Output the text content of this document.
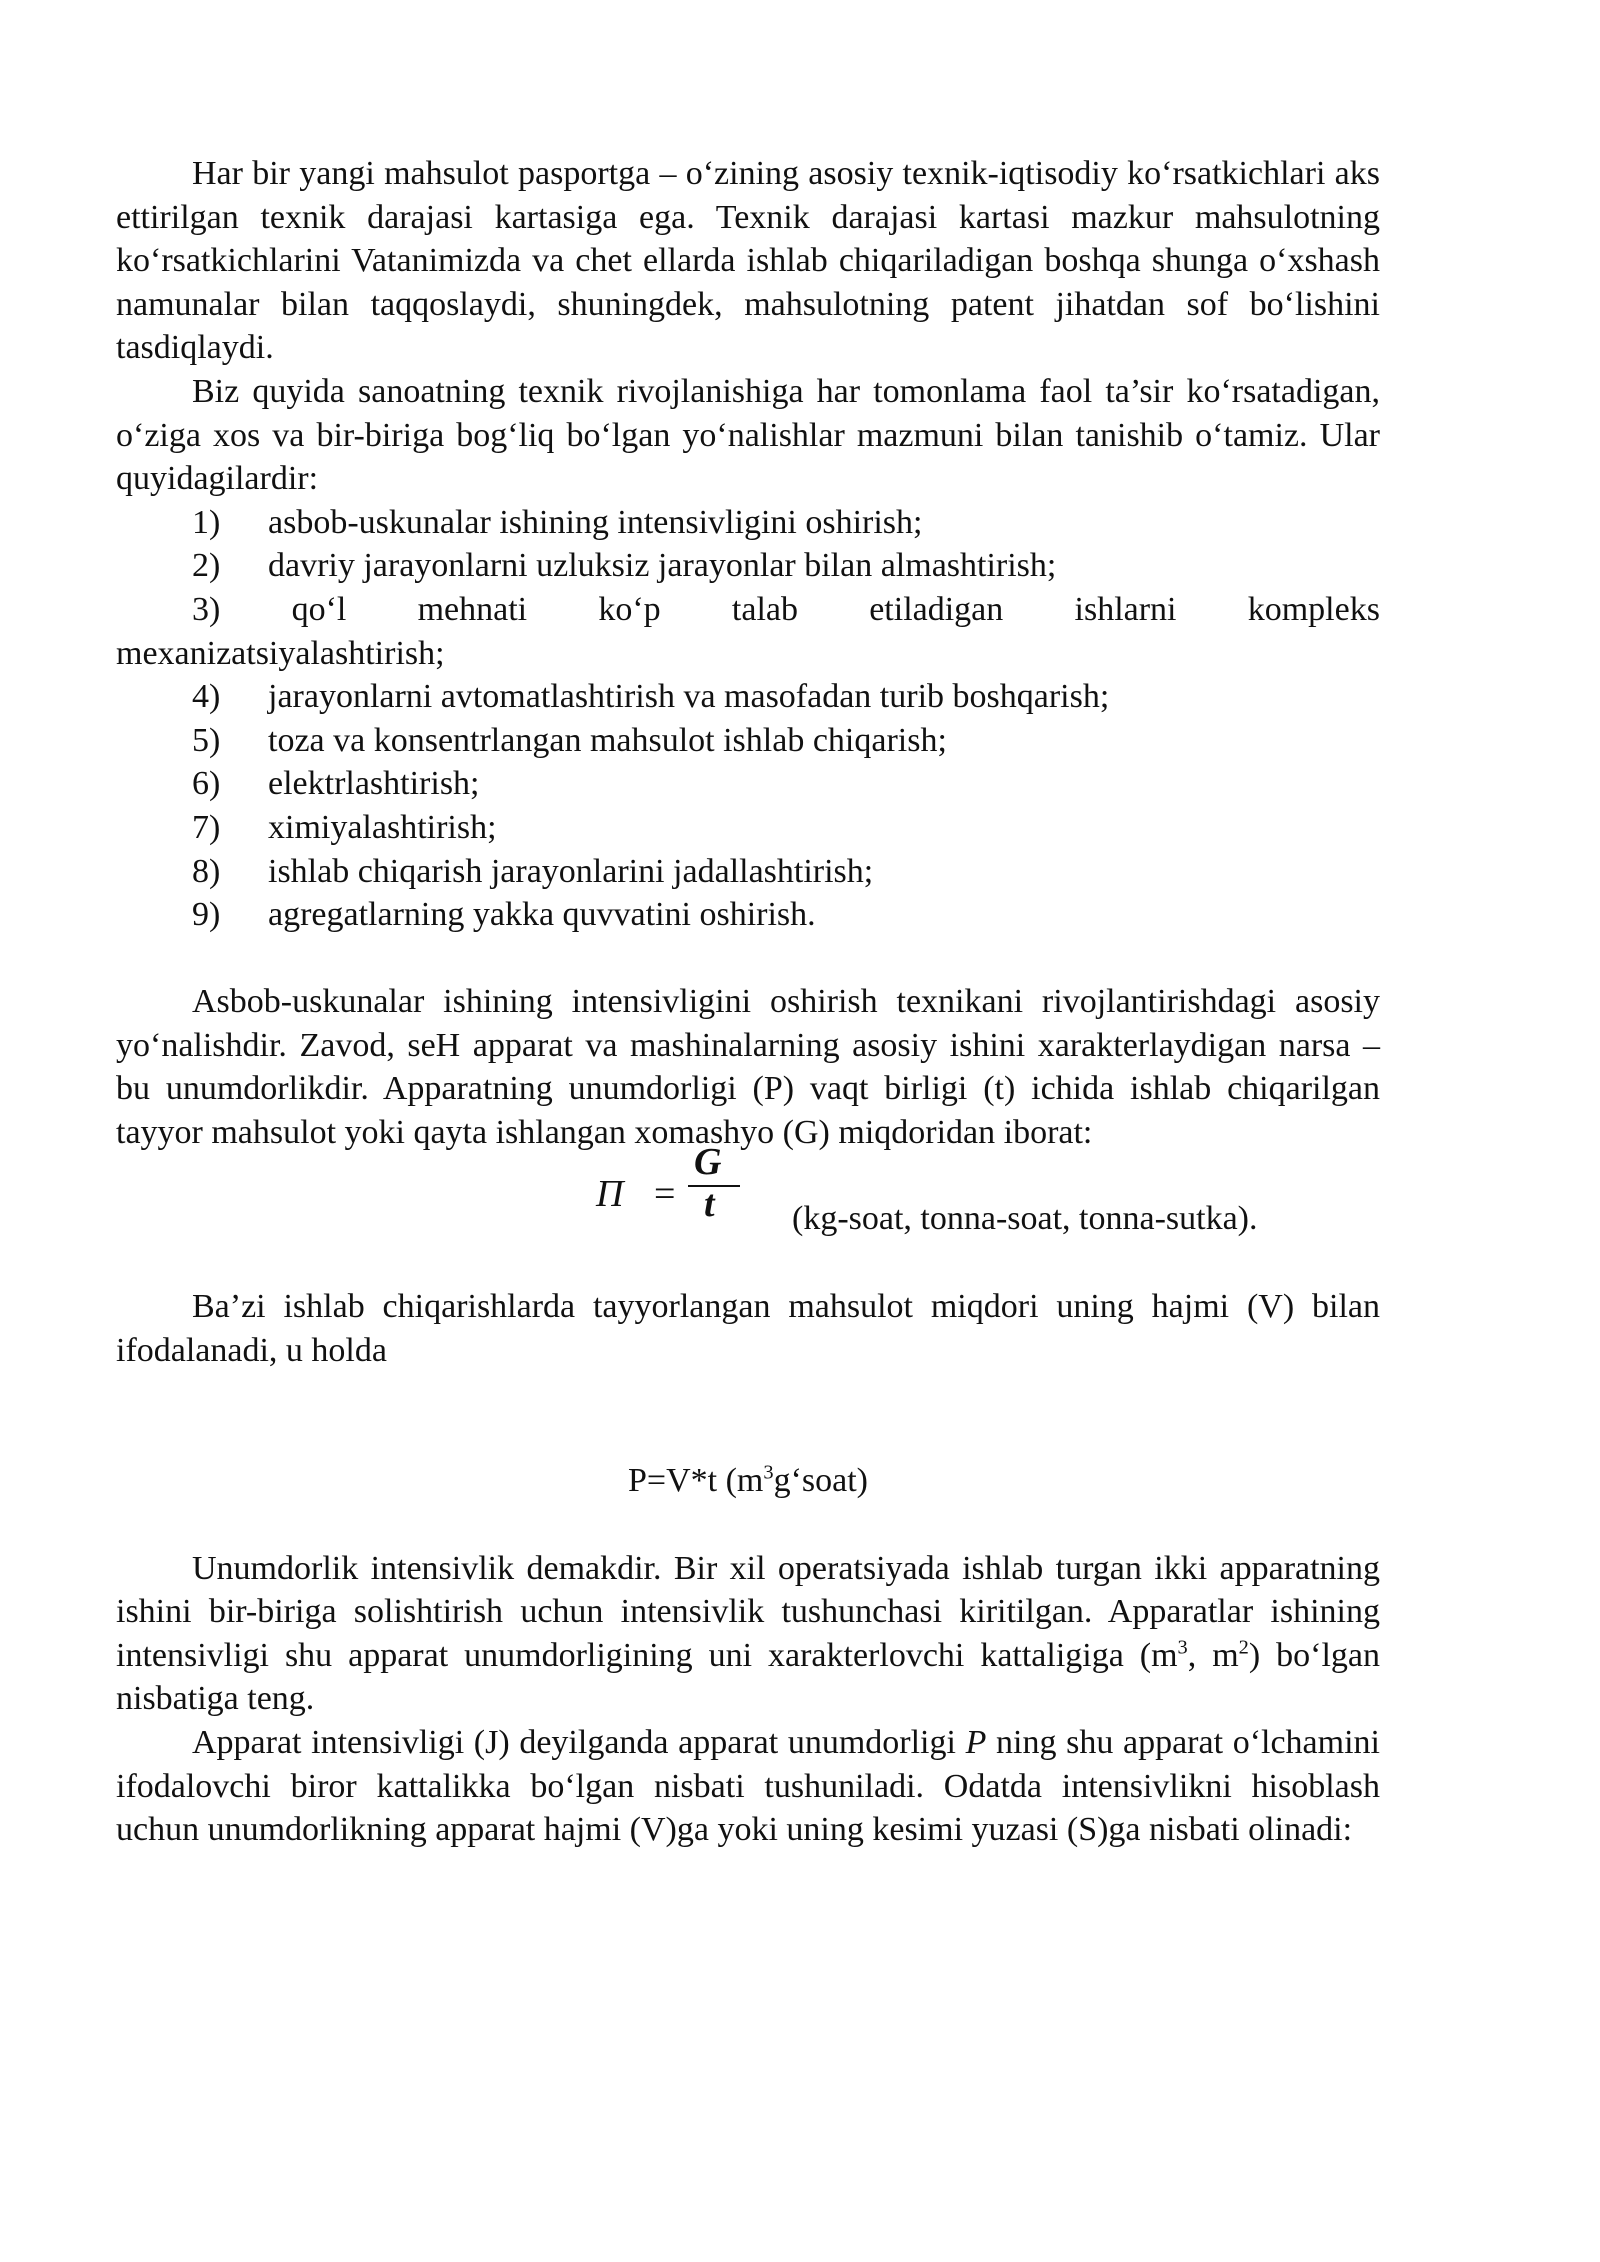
Har bir yangi mahsulot pasportga – o‘zining asosiy texnik-iqtisodiy ko‘rsatkichlari aks ettirilgan texnik darajasi kartasiga ega. Texnik darajasi kartasi mazkur mahsulotning ko‘rsatkichlarini Vatanimizda va chet ellarda ishlab chiqariladigan boshqa shunga o‘xshash namunalar bilan taqqoslaydi, shuningdek, mahsulotning patent jihatdan sof bo‘lishini tasdiqlaydi.

Biz quyida sanoatning texnik rivojlanishiga har tomonlama faol ta’sir ko‘rsatadigan, o‘ziga xos va bir-biriga bog‘liq bo‘lgan yo‘nalishlar mazmuni bilan tanishib o‘tamiz. Ular quyidagilardir:

1)	asbob-uskunalar ishining intensivligini oshirish;
2)	davriy jarayonlarni uzluksiz jarayonlar bilan almashtirish;
3) qo‘l mehnati ko‘p talab etiladigan ishlarni kompleks
mexanizatsiyalashtirish;
4)	jarayonlarni avtomatlashtirish va masofadan turib boshqarish;
5)	toza va konsentrlangan mahsulot ishlab chiqarish;
6)	elektrlashtirish;
7)	ximiyalashtirish;
8)	ishlab chiqarish jarayonlarini jadallashtirish;
9)	agregatlarning yakka quvvatini oshirish.

Asbob-uskunalar ishining intensivligini oshirish texnikani rivojlantirishdagi asosiy yo‘nalishdir. Zavod, seH apparat va mashinalarning asosiy ishini xarakterlaydigan narsa – bu unumdorlikdir. Apparatning unumdorligi (P) vaqt birligi (t) ichida ishlab chiqarilgan tayyor mahsulot yoki qayta ishlangan xomashyo (G) miqdoridan iborat:

П =
G
t (kg-soat, tonna-soat, tonna-sutka).

Ba’zi ishlab chiqarishlarda tayyorlangan mahsulot miqdori uning hajmi (V) bilan ifodalanadi, u holda

P=V*t $(m^3g‘soat)$

Unumdorlik intensivlik demakdir. Bir xil operatsiyada ishlab turgan ikki apparatning ishini bir-biriga solishtirish uchun intensivlik tushunchasi kiritilgan. Apparatlar ishining intensivligi shu apparat unumdorligining uni xarakterlovchi kattaligiga ($m^3$, $m^2$) bo‘lgan nisbatiga teng.

Apparat intensivligi (J) deyilganda apparat unumdorligi P ning shu apparat o‘lchamini ifodalovchi biror kattalikka bo‘lgan nisbati tushuniladi. Odatda intensivlikni hisoblash uchun unumdorlikning apparat hajmi (V)ga yoki uning kesimi yuzasi (S)ga nisbati olinadi:
